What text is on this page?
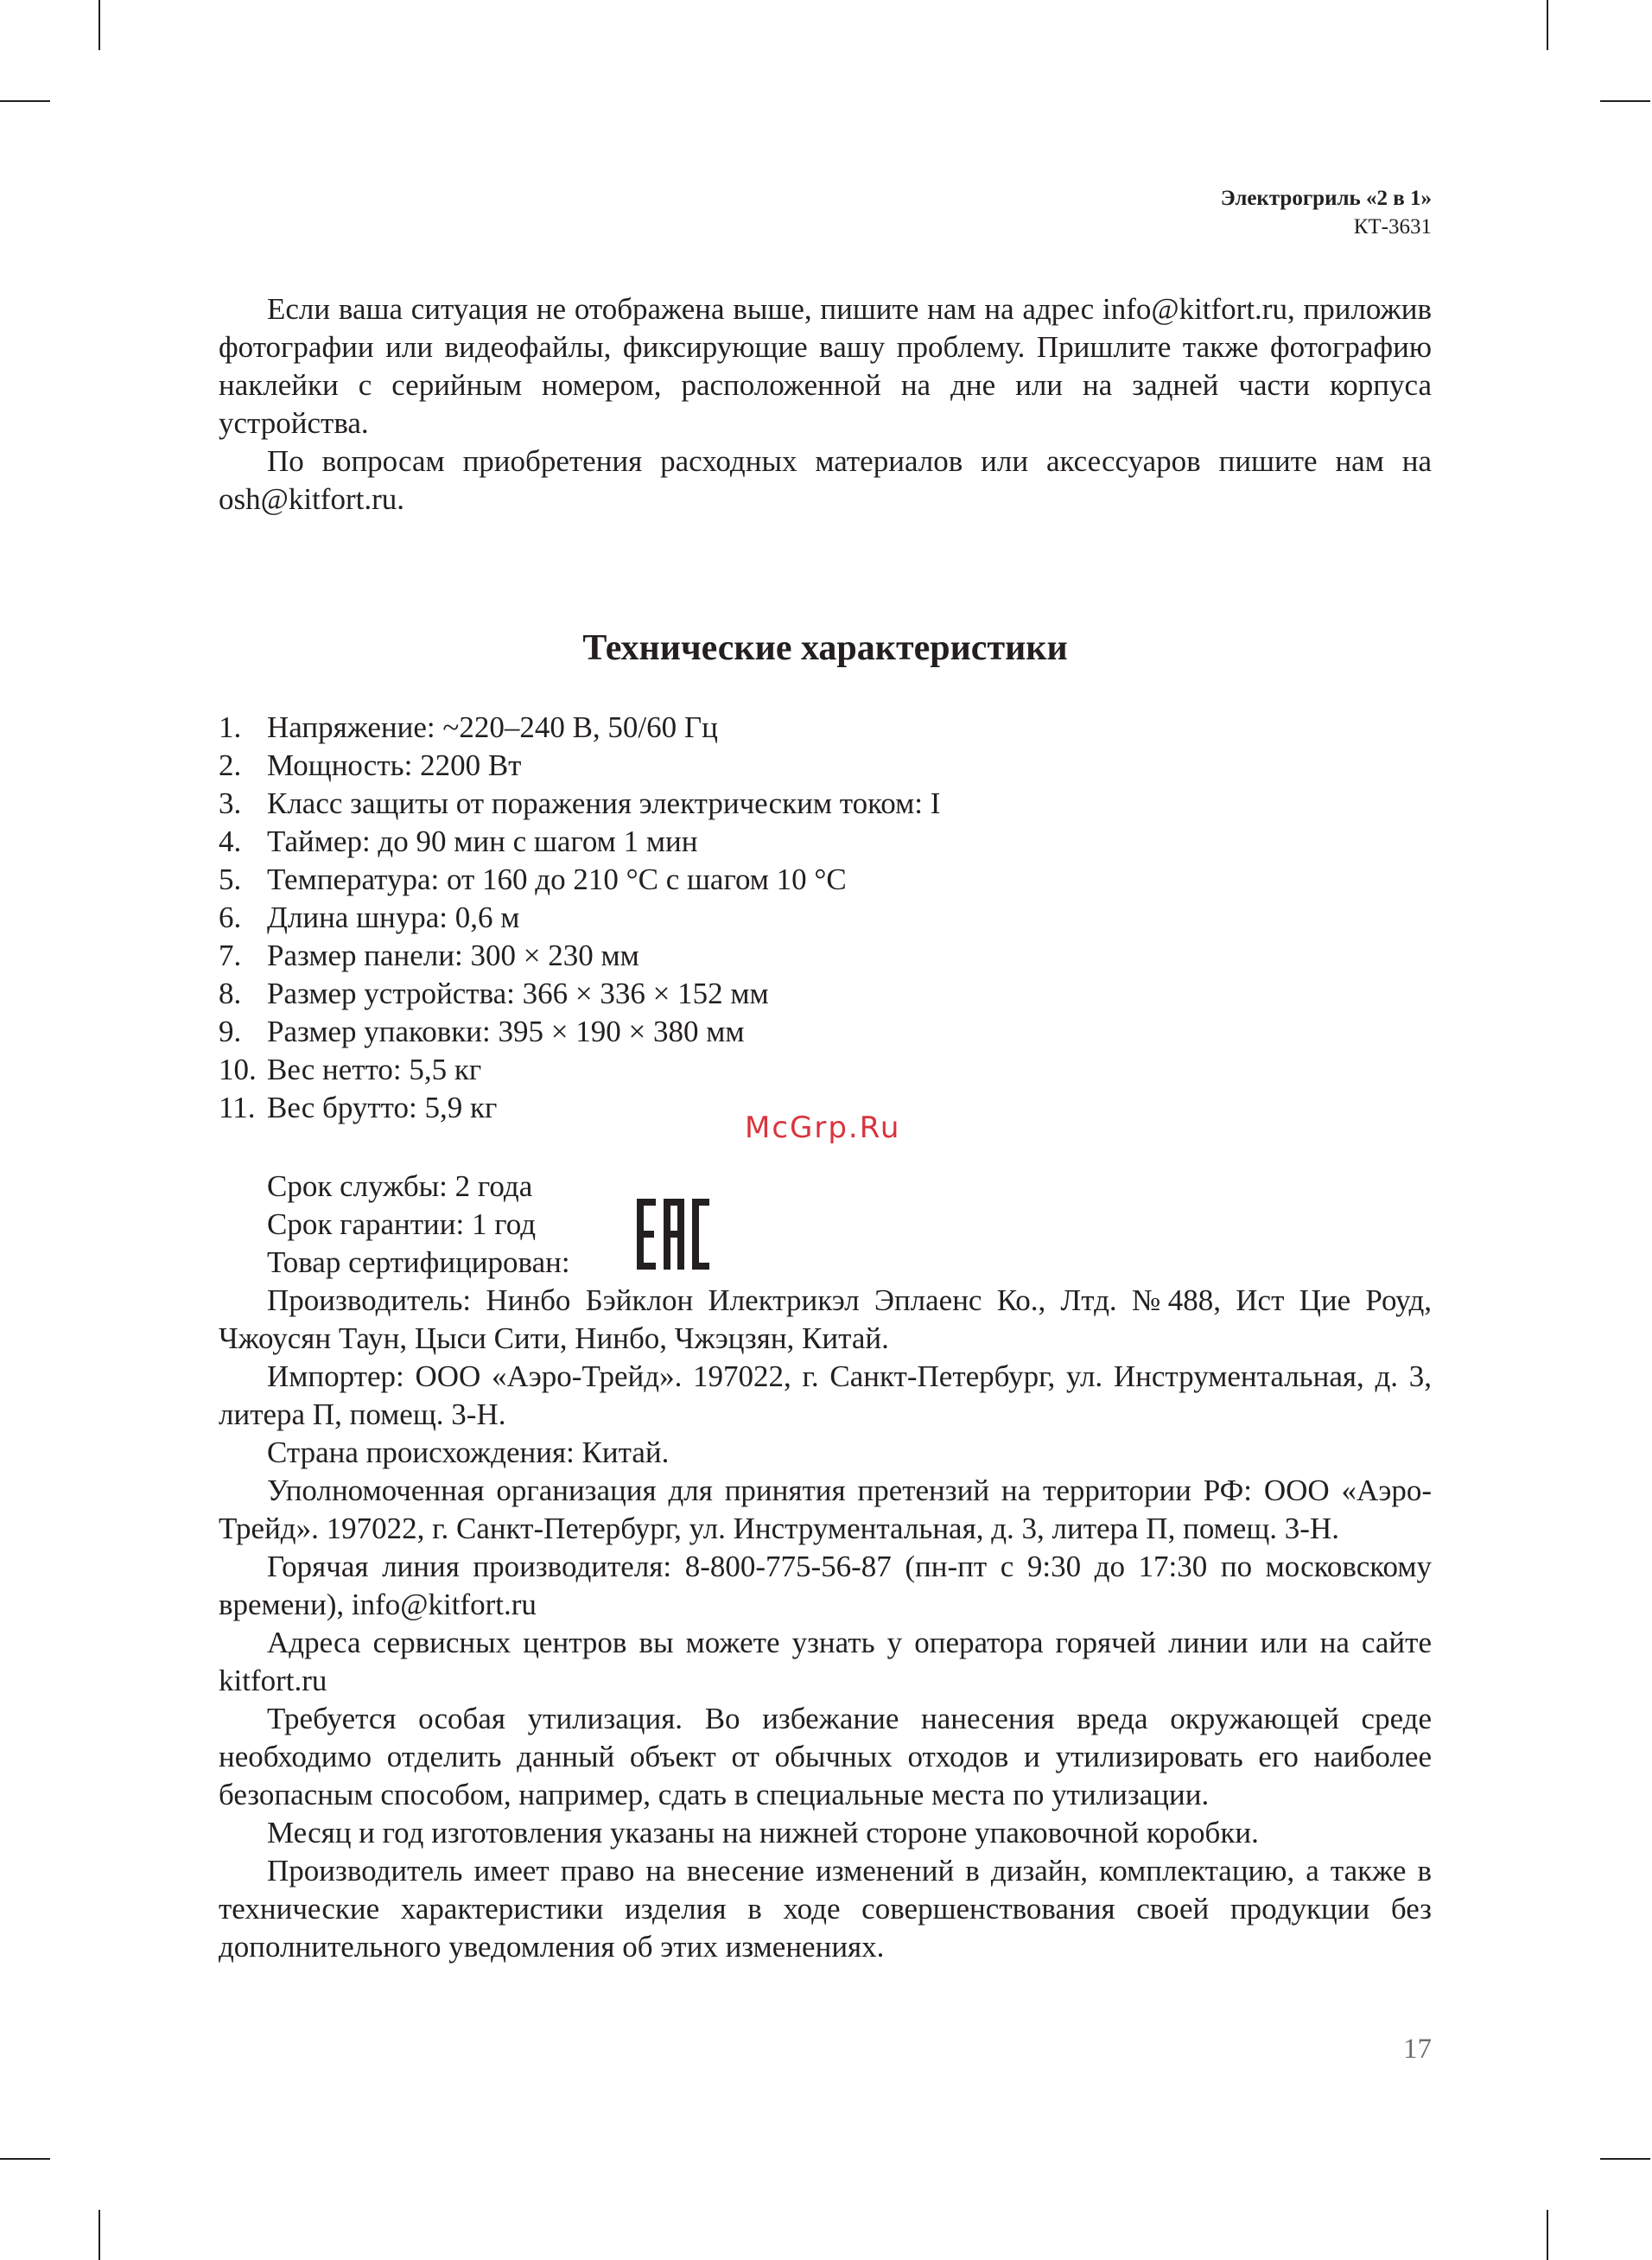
Электрогриль «2 в 1»
КТ-3631

Если ваша ситуация не отображена выше, пишите нам на адрес info@kitfort.ru, приложив фотографии или видеофайлы, фиксирующие вашу проблему. Пришлите также фотографию наклейки с серийным номером, расположенной на дне или на задней части корпуса устройства.

По вопросам приобретения расходных материалов или аксессуаров пишите нам на osh@kitfort.ru.

Технические характеристики
1. Напряжение: ~220–240 В, 50/60 Гц
2. Мощность: 2200 Вт
3. Класс защиты от поражения электрическим током: I
4. Таймер: до 90 мин с шагом 1 мин
5. Температура: от 160 до 210 °C с шагом 10 °C
6. Длина шнура: 0,6 м
7. Размер панели: 300 × 230 мм
8. Размер устройства: 366 × 336 × 152 мм
9. Размер упаковки: 395 × 190 × 380 мм
10. Вес нетто: 5,5 кг
11. Вес брутто: 5,9 кг
McGrp.Ru

Срок службы: 2 года

Срок гарантии: 1 год

Товар сертифицирован:

Производитель: Нинбо Бэйклон Илектрикэл Эплаенс Ко., Лтд. №488, Ист Цие Роуд, Чжоусян Таун, Цыси Сити, Нинбо, Чжэцзян, Китай.

Импортер: ООО «Аэро-Трейд». 197022, г. Санкт-Петербург, ул. Инструментальная, д. 3, литера П, помещ. 3-Н.

Страна происхождения: Китай.

Уполномоченная организация для принятия претензий на территории РФ: ООО «Аэро-Трейд». 197022, г. Санкт-Петербург, ул. Инструментальная, д. 3, литера П, помещ. 3-Н.

Горячая линия производителя: 8-800-775-56-87 (пн-пт с 9:30 до 17:30 по московскому времени), info@kitfort.ru

Адреса сервисных центров вы можете узнать у оператора горячей линии или на сайте kitfort.ru

Требуется особая утилизация. Во избежание нанесения вреда окружающей среде необходимо отделить данный объект от обычных отходов и утилизировать его наиболее безопасным способом, например, сдать в специальные места по утилизации.

Месяц и год изготовления указаны на нижней стороне упаковочной коробки.

Производитель имеет право на внесение изменений в дизайн, комплектацию, а также в технические характеристики изделия в ходе совершенствования своей продукции без дополнительного уведомления об этих изменениях.

17
